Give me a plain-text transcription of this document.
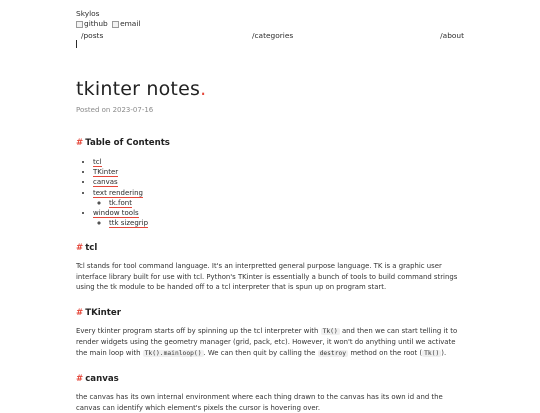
Skylos
github
email
/posts	/categories	/about
tkinter notes.
Posted on 2023-07-16
# Table of Contents
• tcl
• TKinter
• canvas
• text rendering
◦ tk.font
• window tools
◦ ttk sizegrip
# tcl

Tcl stands for tool command language. It's an interpretted general purpose language. TK is a graphic user interface library built for use with tcl. Python's TKinter is essentially a bunch of tools to build command strings using the tk module to be handed off to a tcl interpreter that is spun up on program start.

# TKinter

Every tkinter program starts off by spinning up the tcl interpreter with Tk() and then we can start telling it to render widgets using the geometry manager (grid, pack, etc). However, it won't do anything until we activate the main loop with Tk().mainloop() . We can then quit by calling the destroy method on the root ( Tk() ).

# canvas

the canvas has its own internal environment where each thing drawn to the canvas has its own id and the canvas can identify which element's pixels the cursor is hovering over.
